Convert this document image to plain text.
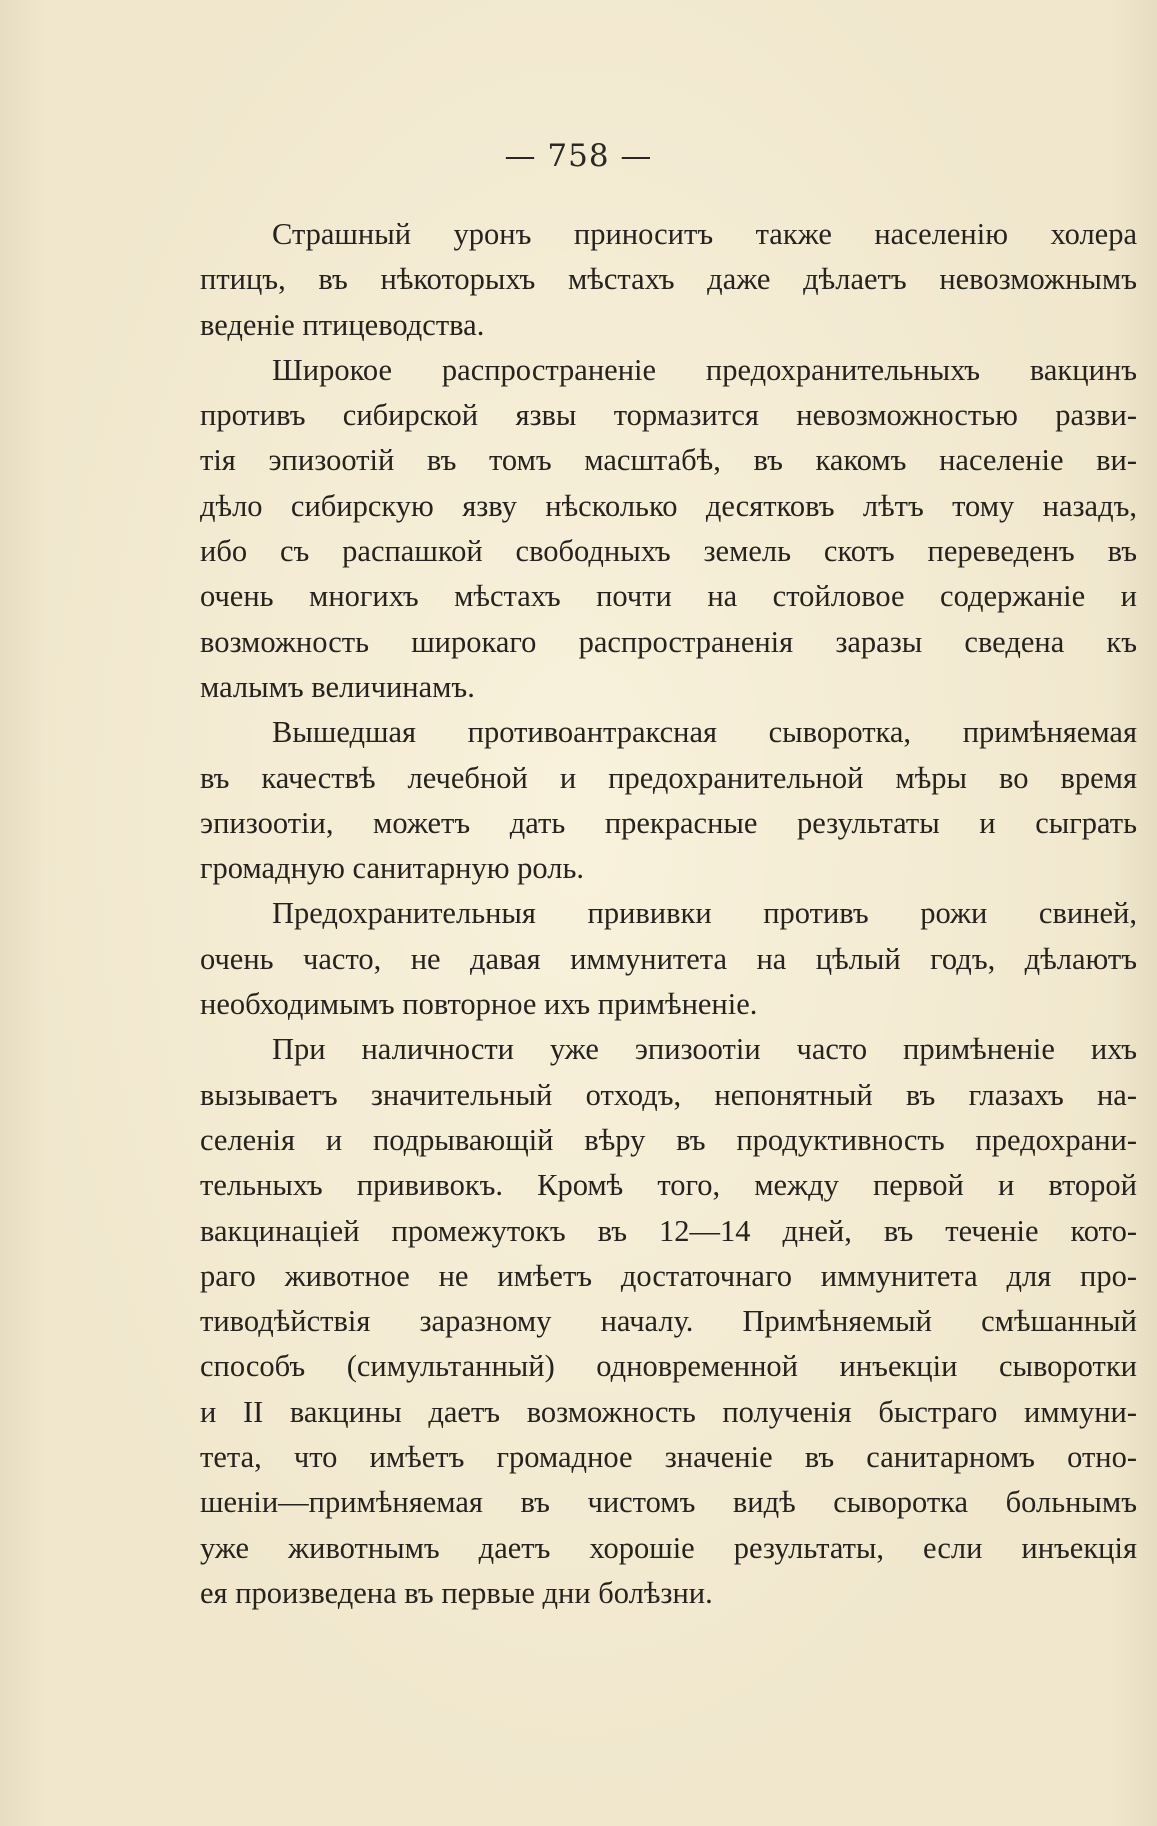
— 758 —
Страшный уронъ приноситъ также населенію холера
птицъ, въ нѣкоторыхъ мѣстахъ даже дѣлаетъ невозможнымъ
веденіе птицеводства.
Широкое распространеніе предохранительныхъ вакцинъ
противъ сибирской язвы тормазится невозможностью разви-
тія эпизоотій въ томъ масштабѣ, въ какомъ населеніе ви-
дѣло сибирскую язву нѣсколько десятковъ лѣтъ тому назадъ,
ибо съ распашкой свободныхъ земель скотъ переведенъ въ
очень многихъ мѣстахъ почти на стойловое содержаніе и
возможность широкаго распространенія заразы сведена къ
малымъ величинамъ.
Вышедшая противоантраксная сыворотка, примѣняемая
въ качествѣ лечебной и предохранительной мѣры во время
эпизоотіи, можетъ дать прекрасные результаты и сыграть
громадную санитарную роль.
Предохранительныя прививки противъ рожи свиней,
очень часто, не давая иммунитета на цѣлый годъ, дѣлаютъ
необходимымъ повторное ихъ примѣненіе.
При наличности уже эпизоотіи часто примѣненіе ихъ
вызываетъ значительный отходъ, непонятный въ глазахъ на-
селенія и подрывающій вѣру въ продуктивность предохрани-
тельныхъ прививокъ. Кромѣ того, между первой и второй
вакцинаціей промежутокъ въ 12—14 дней, въ теченіе кото-
раго животное не имѣетъ достаточнаго иммунитета для про-
тиводѣйствія заразному началу. Примѣняемый смѣшанный
способъ (симультанный) одновременной инъекціи сыворотки
и II вакцины даетъ возможность полученія быстраго иммуни-
тета, что имѣетъ громадное значеніе въ санитарномъ отно-
шеніи—примѣняемая въ чистомъ видѣ сыворотка больнымъ
уже животнымъ даетъ хорошіе результаты, если инъекція
ея произведена въ первые дни болѣзни.
